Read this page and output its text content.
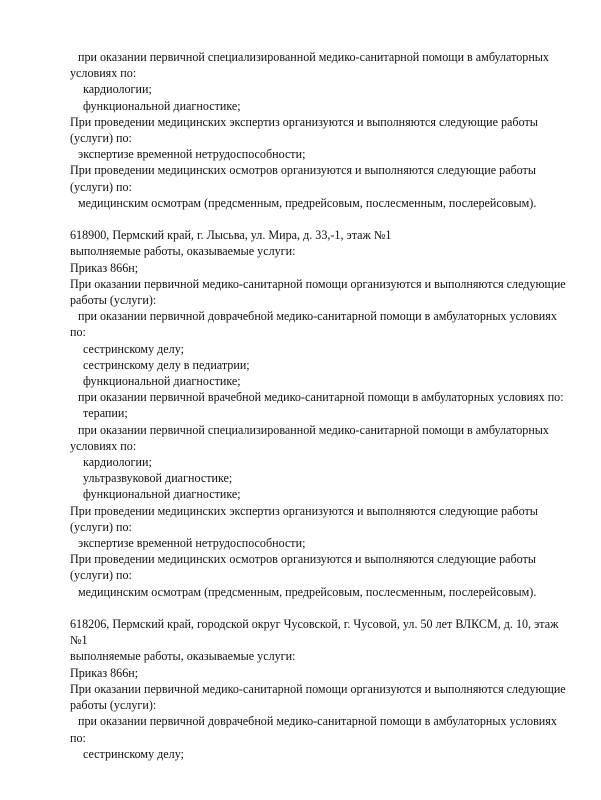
при оказании первичной специализированной медико-санитарной помощи в амбулаторных
условиях по:
кардиологии;
функциональной диагностике;
При проведении медицинских экспертиз организуются и выполняются следующие работы
(услуги) по:
экспертизе временной нетрудоспособности;
При проведении медицинских осмотров организуются и выполняются следующие работы
(услуги) по:
медицинским осмотрам (предсменным, предрейсовым, послесменным, послерейсовым).
618900, Пермский край, г. Лысьва, ул. Мира, д. 33,-1, этаж №1
выполняемые работы, оказываемые услуги:
Приказ 866н;
При оказании первичной медико-санитарной помощи организуются и выполняются следующие
работы (услуги):
при оказании первичной доврачебной медико-санитарной помощи в амбулаторных условиях
по:
сестринскому делу;
сестринскому делу в педиатрии;
функциональной диагностике;
при оказании первичной врачебной медико-санитарной помощи в амбулаторных условиях по:
терапии;
при оказании первичной специализированной медико-санитарной помощи в амбулаторных
условиях по:
кардиологии;
ультразвуковой диагностике;
функциональной диагностике;
При проведении медицинских экспертиз организуются и выполняются следующие работы
(услуги) по:
экспертизе временной нетрудоспособности;
При проведении медицинских осмотров организуются и выполняются следующие работы
(услуги) по:
медицинским осмотрам (предсменным, предрейсовым, послесменным, послерейсовым).
618206, Пермский край, городской округ Чусовской, г. Чусовой, ул. 50 лет ВЛКСМ, д. 10, этаж
№1
выполняемые работы, оказываемые услуги:
Приказ 866н;
При оказании первичной медико-санитарной помощи организуются и выполняются следующие
работы (услуги):
при оказании первичной доврачебной медико-санитарной помощи в амбулаторных условиях
по:
сестринскому делу;
